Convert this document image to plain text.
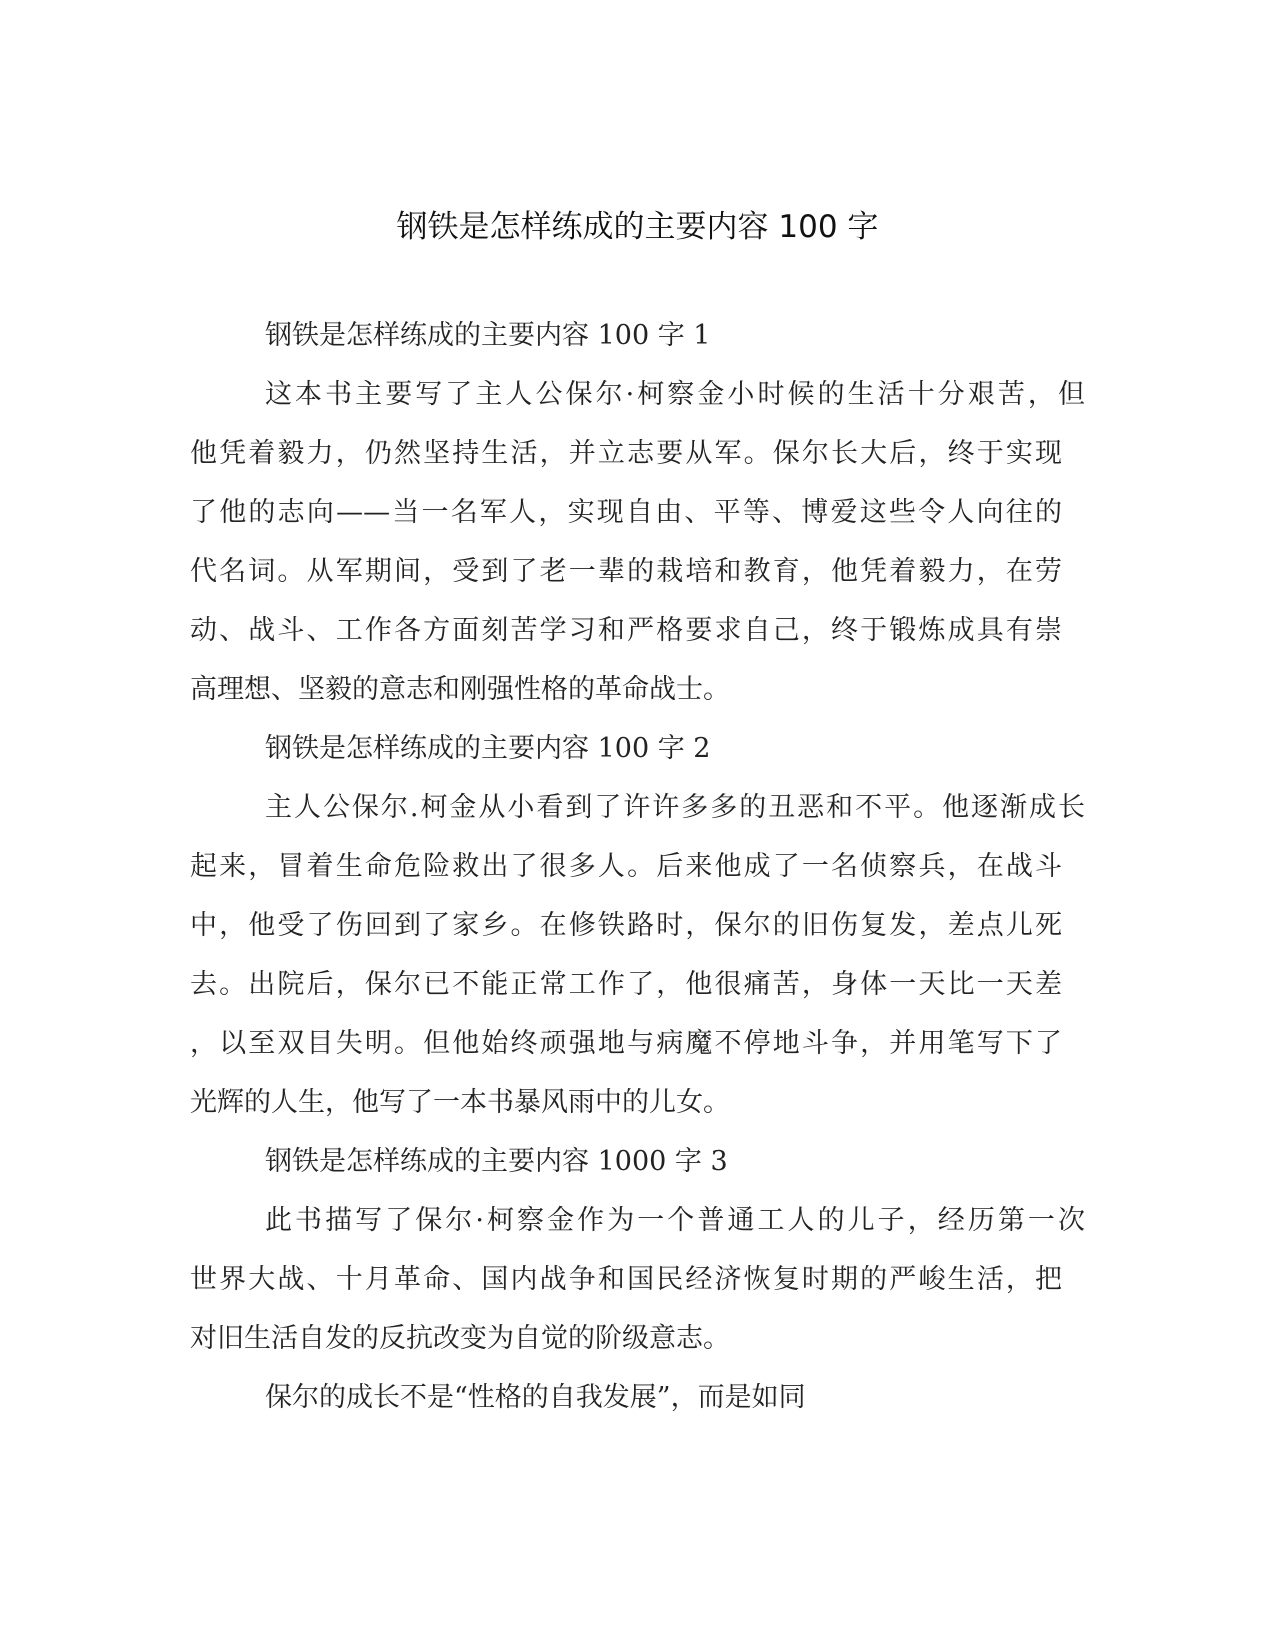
钢铁是怎样练成的主要内容 100 字
钢铁是怎样练成的主要内容 100 字 1
这本书主要写了主人公保尔·柯察金小时候的生活十分艰苦，但
他凭着毅力，仍然坚持生活，并立志要从军。保尔长大后，终于实现
了他的志向——当一名军人，实现自由、平等、博爱这些令人向往的
代名词。从军期间，受到了老一辈的栽培和教育，他凭着毅力，在劳
动、战斗、工作各方面刻苦学习和严格要求自己，终于锻炼成具有崇
高理想、坚毅的意志和刚强性格的革命战士。
钢铁是怎样练成的主要内容 100 字 2
主人公保尔.柯金从小看到了许许多多的丑恶和不平。他逐渐成长
起来，冒着生命危险救出了很多人。后来他成了一名侦察兵，在战斗
中，他受了伤回到了家乡。在修铁路时，保尔的旧伤复发，差点儿死
去。出院后，保尔已不能正常工作了，他很痛苦，身体一天比一天差
，以至双目失明。但他始终顽强地与病魔不停地斗争，并用笔写下了
光辉的人生，他写了一本书暴风雨中的儿女。
钢铁是怎样练成的主要内容 1000 字 3
此书描写了保尔·柯察金作为一个普通工人的儿子，经历第一次
世界大战、十月革命、国内战争和国民经济恢复时期的严峻生活，把
对旧生活自发的反抗改变为自觉的阶级意志。
保尔的成长不是“性格的自我发展”，而是如同
